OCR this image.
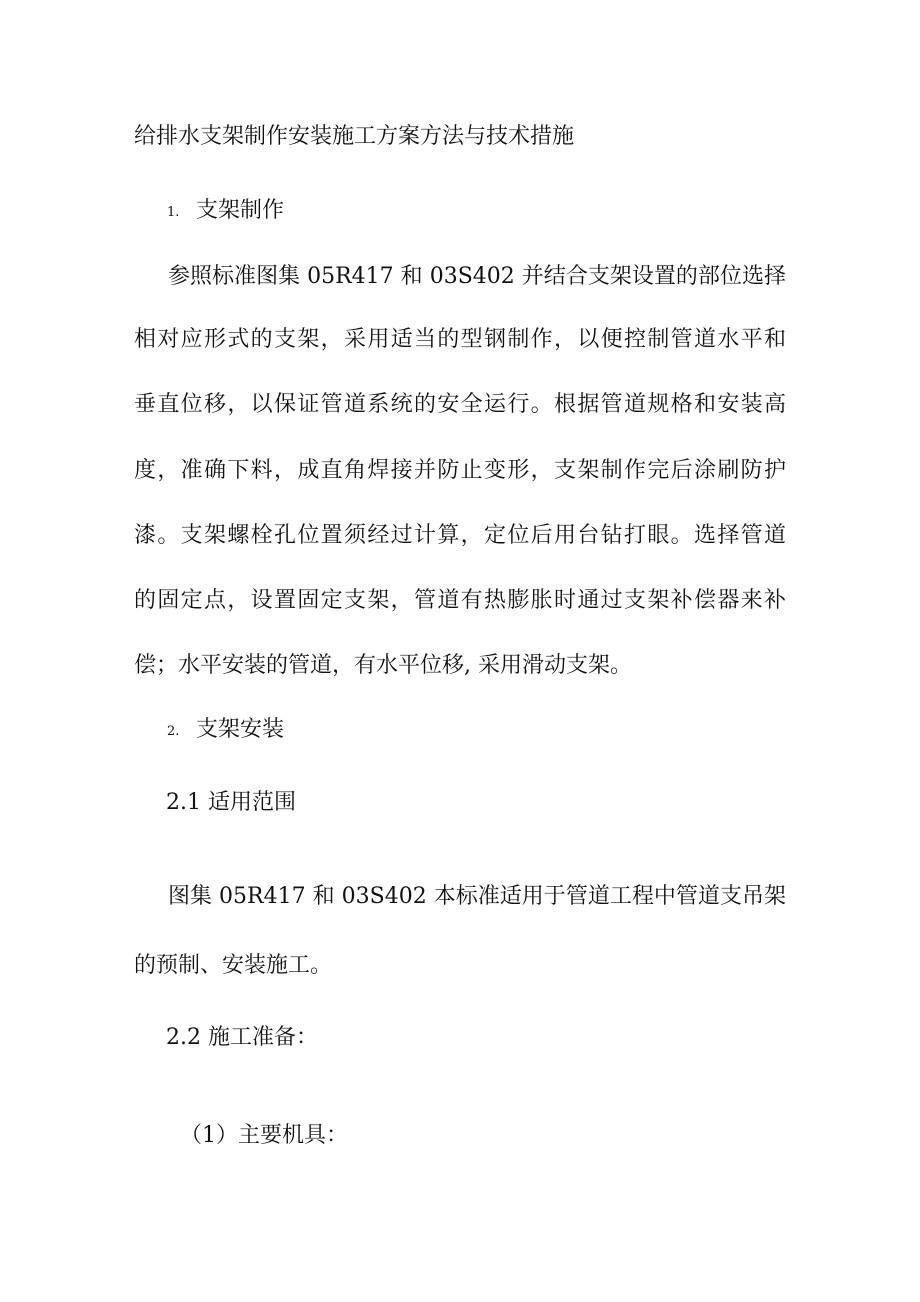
给排水支架制作安装施工方案方法与技术措施
1. 支架制作
参照标准图集 05R417 和 03S402 并结合支架设置的部位选择
相对应形式的支架，采用适当的型钢制作，以便控制管道水平和
垂直位移，以保证管道系统的安全运行。根据管道规格和安装高
度，准确下料，成直角焊接并防止变形，支架制作完后涂刷防护
漆。支架螺栓孔位置须经过计算，定位后用台钻打眼。选择管道
的固定点，设置固定支架，管道有热膨胀时通过支架补偿器来补
偿；水平安装的管道，有水平位移, 采用滑动支架。
2. 支架安装
2.1 适用范围
图集 05R417 和 03S402 本标准适用于管道工程中管道支吊架
的预制、安装施工。
2.2 施工准备：
（1）主要机具：
